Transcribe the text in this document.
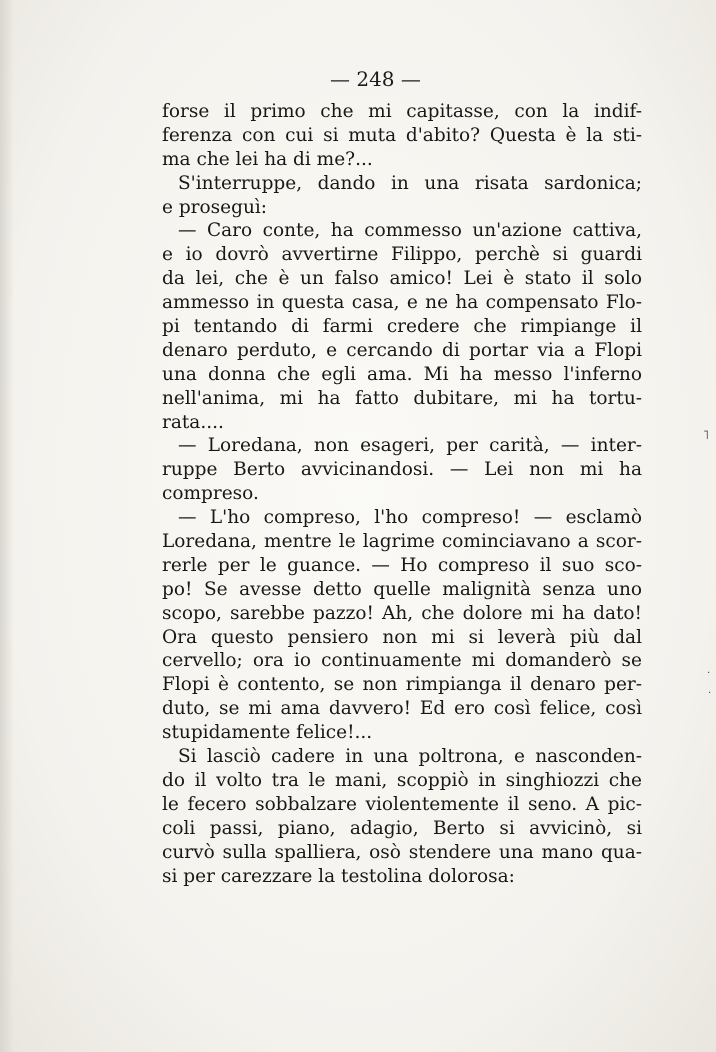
— 248 —
forse il primo che mi capitasse, con la indif-
ferenza con cui si muta d'abito? Questa è la sti-
ma che lei ha di me?...
S'interruppe, dando in una risata sardonica;
e proseguì:
— Caro conte, ha commesso un'azione cattiva,
e io dovrò avvertirne Filippo, perchè si guardi
da lei, che è un falso amico! Lei è stato il solo
ammesso in questa casa, e ne ha compensato Flo-
pi tentando di farmi credere che rimpiange il
denaro perduto, e cercando di portar via a Flopi
una donna che egli ama. Mi ha messo l'inferno
nell'anima, mi ha fatto dubitare, mi ha tortu-
rata....
— Loredana, non esageri, per carità, — inter-
ruppe Berto avvicinandosi. — Lei non mi ha
compreso.
— L'ho compreso, l'ho compreso! — esclamò
Loredana, mentre le lagrime cominciavano a scor-
rerle per le guance. — Ho compreso il suo sco-
po! Se avesse detto quelle malignità senza uno
scopo, sarebbe pazzo! Ah, che dolore mi ha dato!
Ora questo pensiero non mi si leverà più dal
cervello; ora io continuamente mi domanderò se
Flopi è contento, se non rimpianga il denaro per-
duto, se mi ama davvero! Ed ero così felice, così
stupidamente felice!...
Si lasciò cadere in una poltrona, e nasconden-
do il volto tra le mani, scoppiò in singhiozzi che
le fecero sobbalzare violentemente il seno. A pic-
coli passi, piano, adagio, Berto si avvicinò, si
curvò sulla spalliera, osò stendere una mano qua-
si per carezzare la testolina dolorosa:
˥
·
·
